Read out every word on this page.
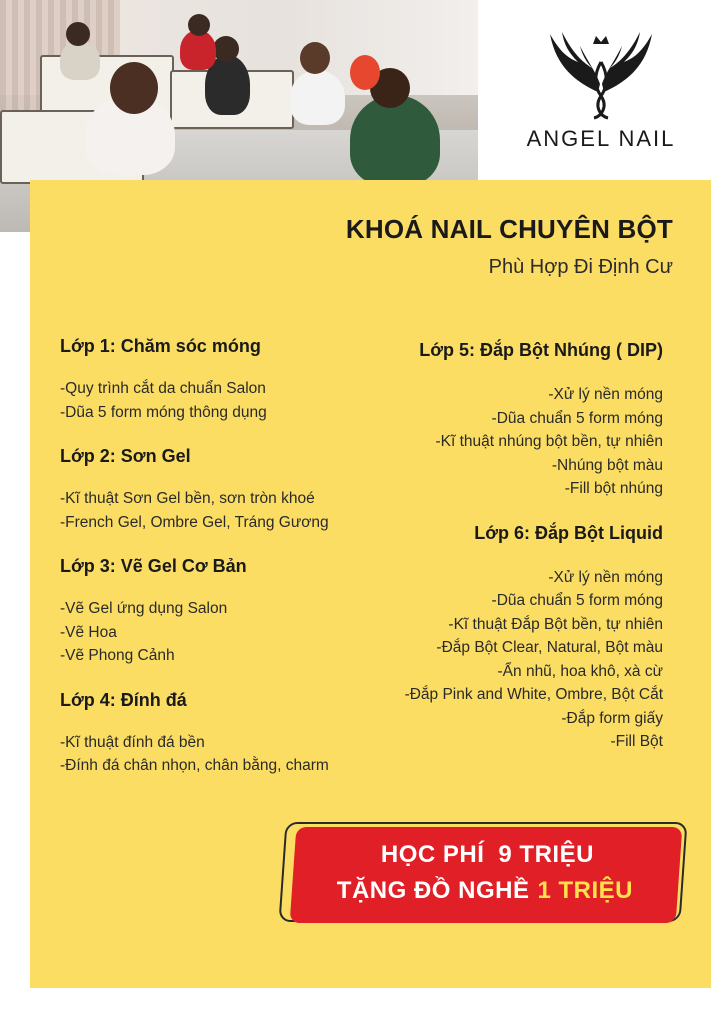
ANGEL NAIL
KHOÁ NAIL CHUYÊN BỘT
Phù Hợp Đi Định Cư
Lớp 1: Chăm sóc móng
-Quy trình cắt da chuẩn Salon
-Dũa 5 form móng thông dụng
Lớp 2: Sơn Gel
-Kĩ thuật Sơn Gel bền, sơn tròn khoé
-French Gel, Ombre Gel, Tráng Gương
Lớp 3: Vẽ Gel Cơ Bản
-Vẽ Gel ứng dụng Salon
-Vẽ Hoa
-Vẽ Phong Cảnh
Lớp 4: Đính đá
-Kĩ thuật đính đá bền
-Đính đá chân nhọn, chân bằng, charm
Lớp 5: Đắp Bột Nhúng ( DIP)
-Xử lý nền móng
-Dũa chuẩn 5 form móng
-Kĩ thuật nhúng bột bền, tự nhiên
-Nhúng bột màu
-Fill bột nhúng
Lớp 6: Đắp Bột Liquid
-Xử lý nền móng
-Dũa chuẩn 5 form móng
-Kĩ thuật Đắp Bột bền, tự nhiên
-Đắp Bột Clear, Natural, Bột màu
-Ẩn nhũ, hoa khô, xà cừ
-Đắp Pink and White, Ombre, Bột Cắt
-Đắp form giấy
-Fill Bột
HỌC PHÍ 9 TRIỆU
TẶNG ĐỒ NGHỀ 1 TRIỆU
